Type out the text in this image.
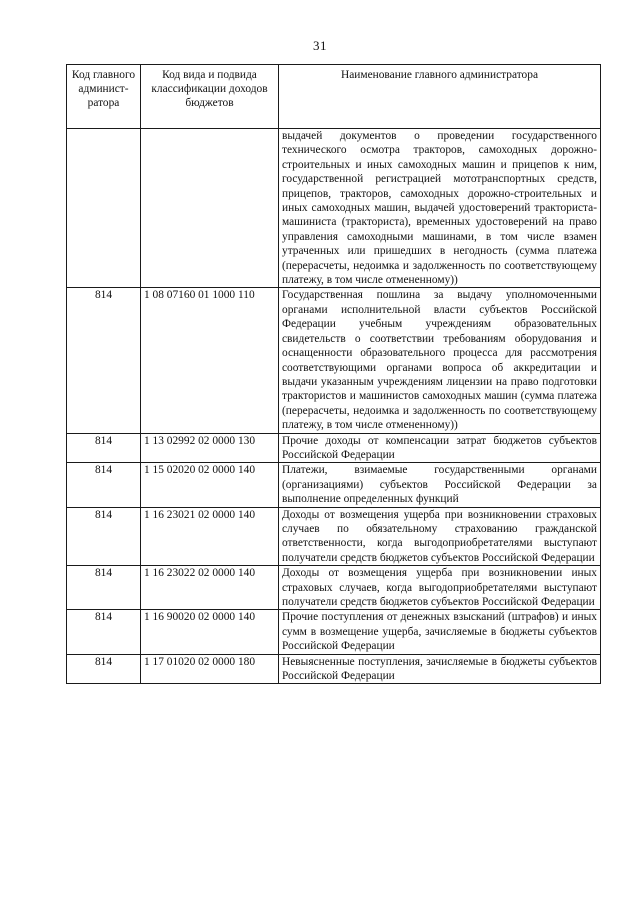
31
Код главного админист-ратора	Код вида и подвида классификации доходов бюджетов	Наименование главного администратора
		выдачей документов о проведении государственного технического осмотра тракторов, самоходных дорожно-строительных и иных самоходных машин и прицепов к ним, государственной регистрацией мототранспортных средств, прицепов, тракторов, самоходных дорожно-строительных и иных самоходных машин, выдачей удостоверений тракториста-машиниста (тракториста), временных удостоверений на право управления самоходными машинами, в том числе взамен утраченных или пришедших в негодность (сумма платежа (перерасчеты, недоимка и задолженность по соответствующему платежу, в том числе отмененному))
814	1 08 07160 01 1000 110	Государственная пошлина за выдачу уполномоченными органами исполнительной власти субъектов Российской Федерации учебным учреждениям образовательных свидетельств о соответствии требованиям оборудования и оснащенности образовательного процесса для рассмотрения соответствующими органами вопроса об аккредитации и выдачи указанным учреждениям лицензии на право подготовки трактористов и машинистов самоходных машин (сумма платежа (перерасчеты, недоимка и задолженность по соответствующему платежу, в том числе отмененному))
814	1 13 02992 02 0000 130	Прочие доходы от компенсации затрат бюджетов субъектов Российской Федерации
814	1 15 02020 02 0000 140	Платежи, взимаемые государственными органами (организациями) субъектов Российской Федерации за выполнение определенных функций
814	1 16 23021 02 0000 140	Доходы от возмещения ущерба при возникновении страховых случаев по обязательному страхованию гражданской ответственности, когда выгодоприобретателями выступают получатели средств бюджетов субъектов Российской Федерации
814	1 16 23022 02 0000 140	Доходы от возмещения ущерба при возникновении иных страховых случаев, когда выгодоприобретателями выступают получатели средств бюджетов субъектов Российской Федерации
814	1 16 90020 02 0000 140	Прочие поступления от денежных взысканий (штрафов) и иных сумм в возмещение ущерба, зачисляемые в бюджеты субъектов Российской Федерации
814	1 17 01020 02 0000 180	Невыясненные поступления, зачисляемые в бюджеты субъектов Российской Федерации
